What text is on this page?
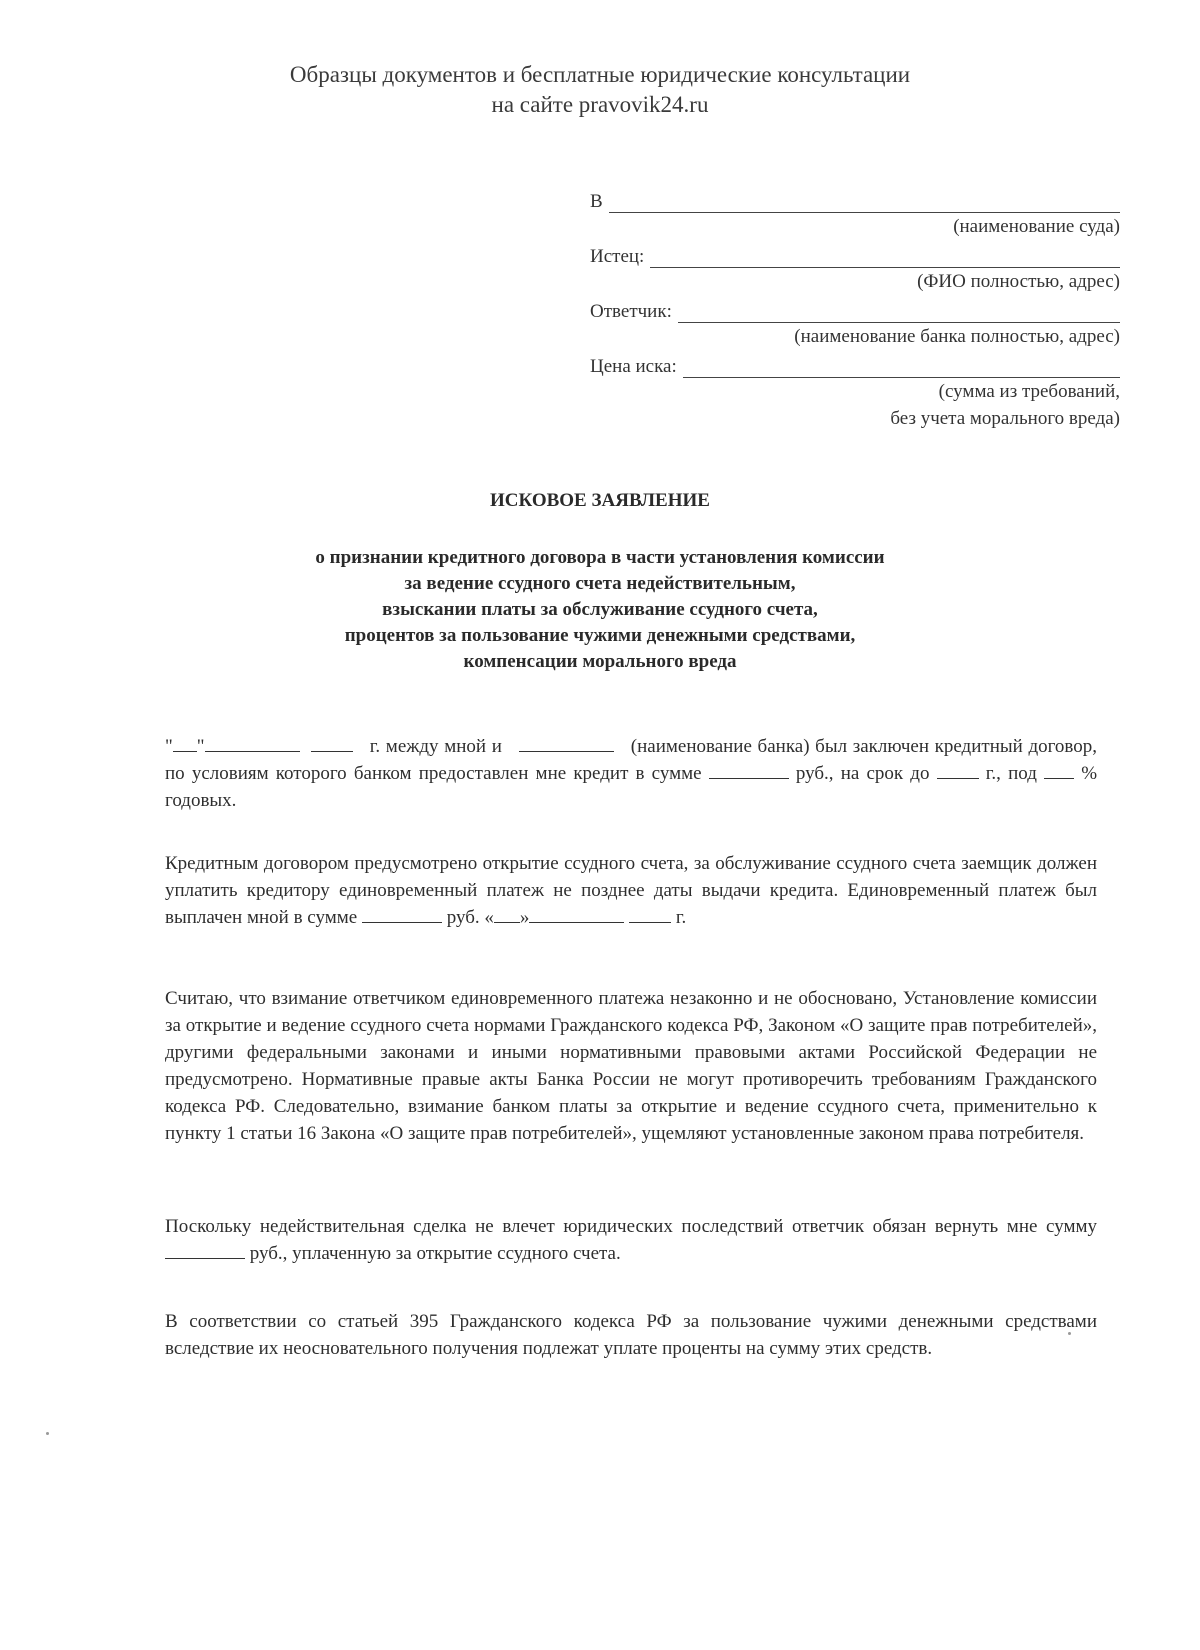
Образцы документов и бесплатные юридические консультации
на сайте pravovik24.ru
В
(наименование суда)
Истец:
(ФИО полностью, адрес)
Ответчик:
(наименование банка полностью, адрес)
Цена иска:
(сумма из требований,
без учета морального вреда)
ИСКОВОЕ ЗАЯВЛЕНИЕ
о признании кредитного договора в части установления комиссии
за ведение ссудного счета недействительным,
взыскании платы за обслуживание ссудного счета,
процентов за пользование чужими денежными средствами,
компенсации морального вреда
" "	г. между мной и	(наименование банка) был заключен кредитный договор, по условиям которого банком предоставлен мне кредит в сумме	руб., на срок до	г., под % годовых.
Кредитным договором предусмотрено открытие ссудного счета, за обслуживание ссудного счета заемщик должен уплатить кредитору единовременный платеж не позднее даты выдачи кредита. Единовременный платеж был выплачен мной в сумме	руб. « »	г.
Считаю, что взимание ответчиком единовременного платежа незаконно и не обосновано, Установление комиссии за открытие и ведение ссудного счета нормами Гражданского кодекса РФ, Законом «О защите прав потребителей», другими федеральными законами и иными нормативными правовыми актами Российской Федерации не предусмотрено. Нормативные правые акты Банка России не могут противоречить требованиям Гражданского кодекса РФ. Следовательно, взимание банком платы за открытие и ведение ссудного счета, применительно к пункту 1 статьи 16 Закона «О защите прав потребителей», ущемляют установленные законом права потребителя.
Поскольку недействительная сделка не влечет юридических последствий ответчик обязан вернуть мне сумму  руб., уплаченную за открытие ссудного счета.
В соответствии со статьей 395 Гражданского кодекса РФ за пользование чужими денежными средствами вследствие их неосновательного получения подлежат уплате проценты на сумму этих средств.
